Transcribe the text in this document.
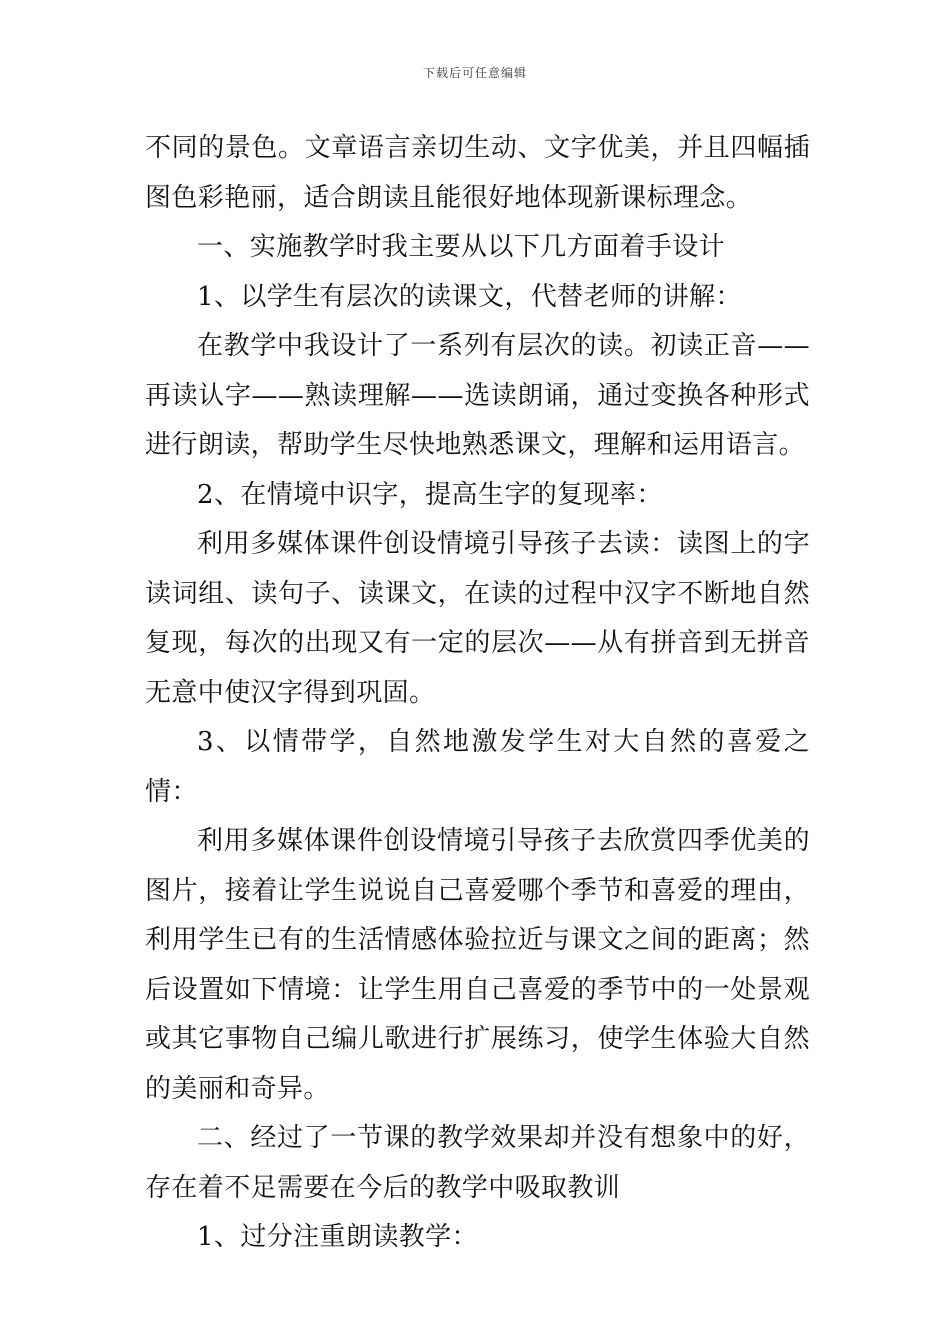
下载后可任意编辑

不同的景色。文章语言亲切生动、文字优美，并且四幅插图色彩艳丽，适合朗读且能很好地体现新课标理念。

一、实施教学时我主要从以下几方面着手设计

1、以学生有层次的读课文，代替老师的讲解：

在教学中我设计了一系列有层次的读。初读正音——再读认字——熟读理解——选读朗诵，通过变换各种形式进行朗读，帮助学生尽快地熟悉课文，理解和运用语言。

2、在情境中识字，提高生字的复现率：

利用多媒体课件创设情境引导孩子去读：读图上的字读词组、读句子、读课文，在读的过程中汉字不断地自然复现，每次的出现又有一定的层次——从有拼音到无拼音无意中使汉字得到巩固。

3、以情带学，自然地激发学生对大自然的喜爱之情：

利用多媒体课件创设情境引导孩子去欣赏四季优美的图片，接着让学生说说自己喜爱哪个季节和喜爱的理由，利用学生已有的生活情感体验拉近与课文之间的距离；然后设置如下情境：让学生用自己喜爱的季节中的一处景观或其它事物自己编儿歌进行扩展练习，使学生体验大自然的美丽和奇异。

二、经过了一节课的教学效果却并没有想象中的好，存在着不足需要在今后的教学中吸取教训

1、过分注重朗读教学：
